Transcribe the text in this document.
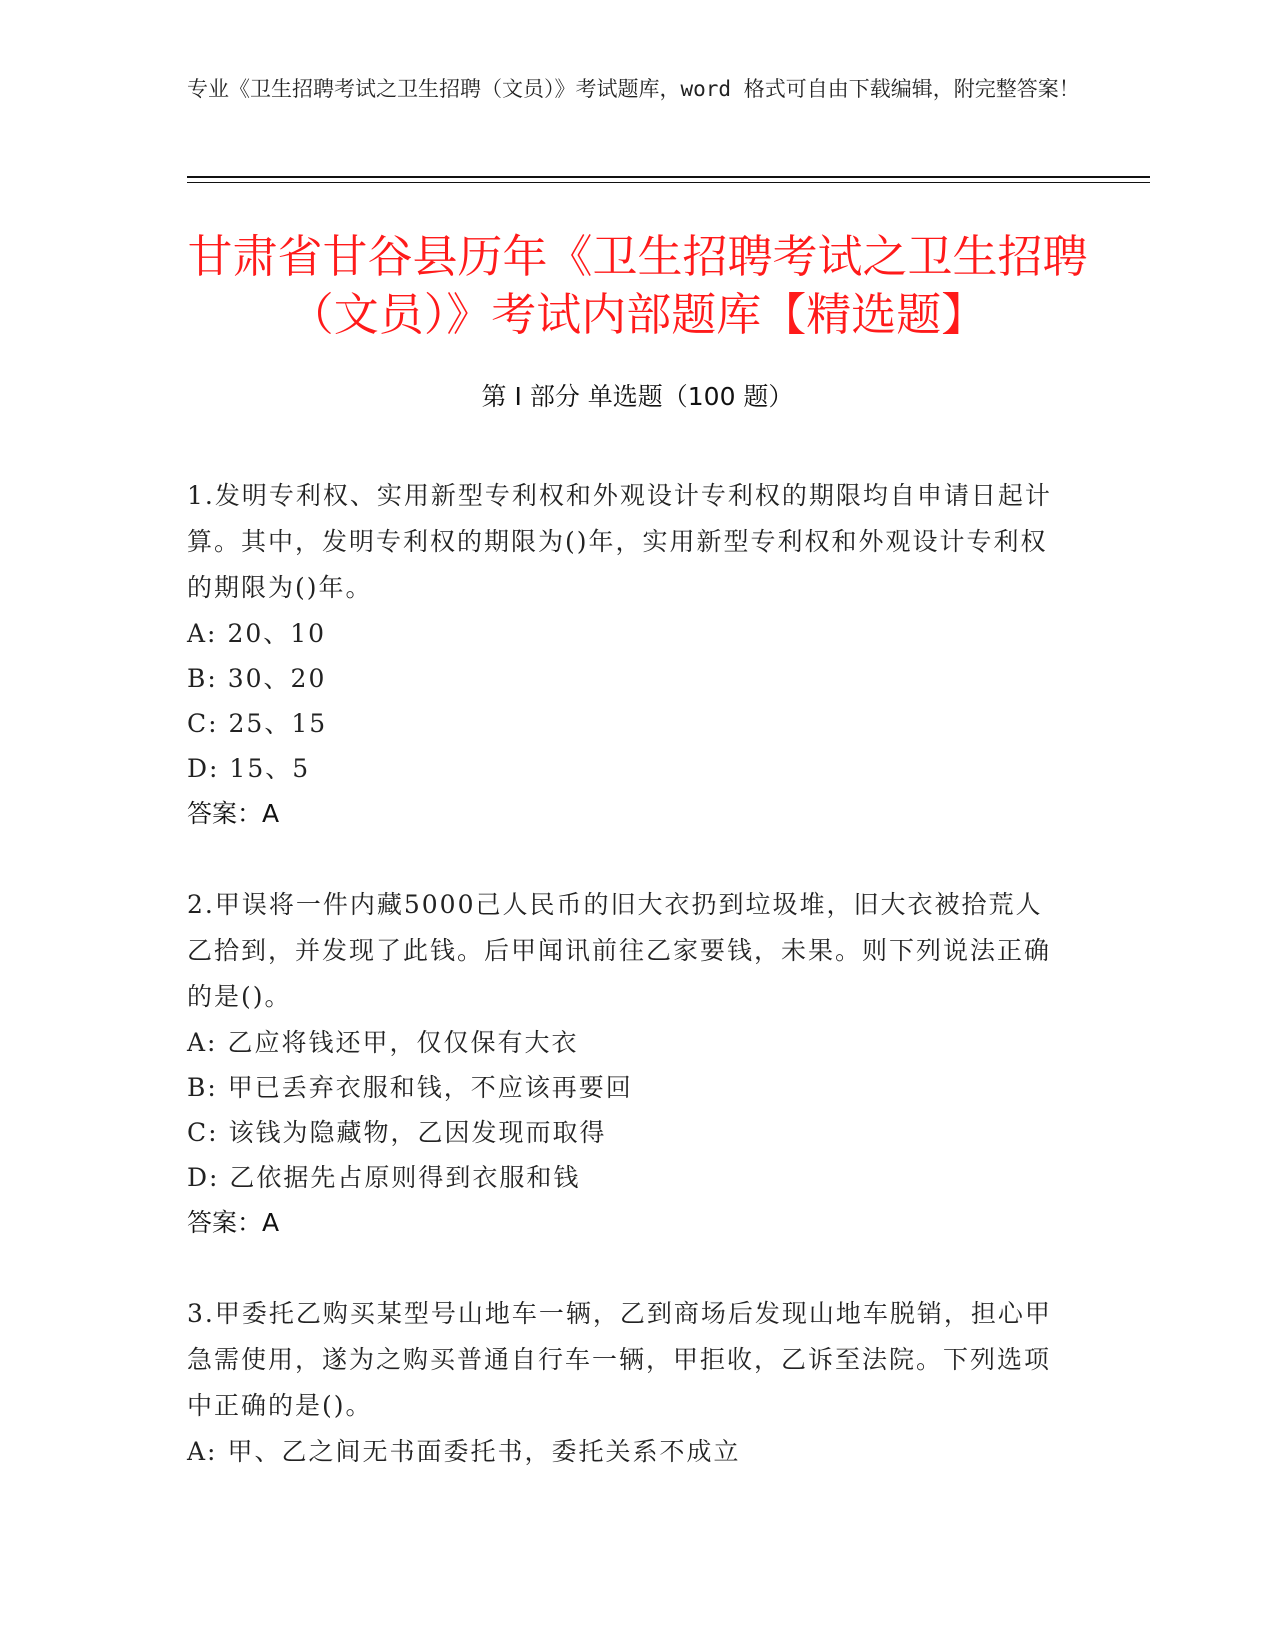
专业《卫生招聘考试之卫生招聘（文员）》考试题库，word 格式可自由下载编辑，附完整答案！
甘肃省甘谷县历年《卫生招聘考试之卫生招聘（文员）》考试内部题库【精选题】
第 I 部分 单选题（100 题）

1.发明专利权、实用新型专利权和外观设计专利权的期限均自申请日起计算。其中，发明专利权的期限为()年，实用新型专利权和外观设计专利权的期限为()年。

A: 20、10

B: 30、20

C: 25、15

D: 15、5

答案：A

2.甲误将一件内藏5000己人民币的旧大衣扔到垃圾堆，旧大衣被拾荒人乙拾到，并发现了此钱。后甲闻讯前往乙家要钱，未果。则下列说法正确的是()。

A: 乙应将钱还甲，仅仅保有大衣

B: 甲已丢弃衣服和钱，不应该再要回

C: 该钱为隐藏物，乙因发现而取得

D: 乙依据先占原则得到衣服和钱

答案：A

3.甲委托乙购买某型号山地车一辆，乙到商场后发现山地车脱销，担心甲急需使用，遂为之购买普通自行车一辆，甲拒收，乙诉至法院。下列选项中正确的是()。

A: 甲、乙之间无书面委托书，委托关系不成立
